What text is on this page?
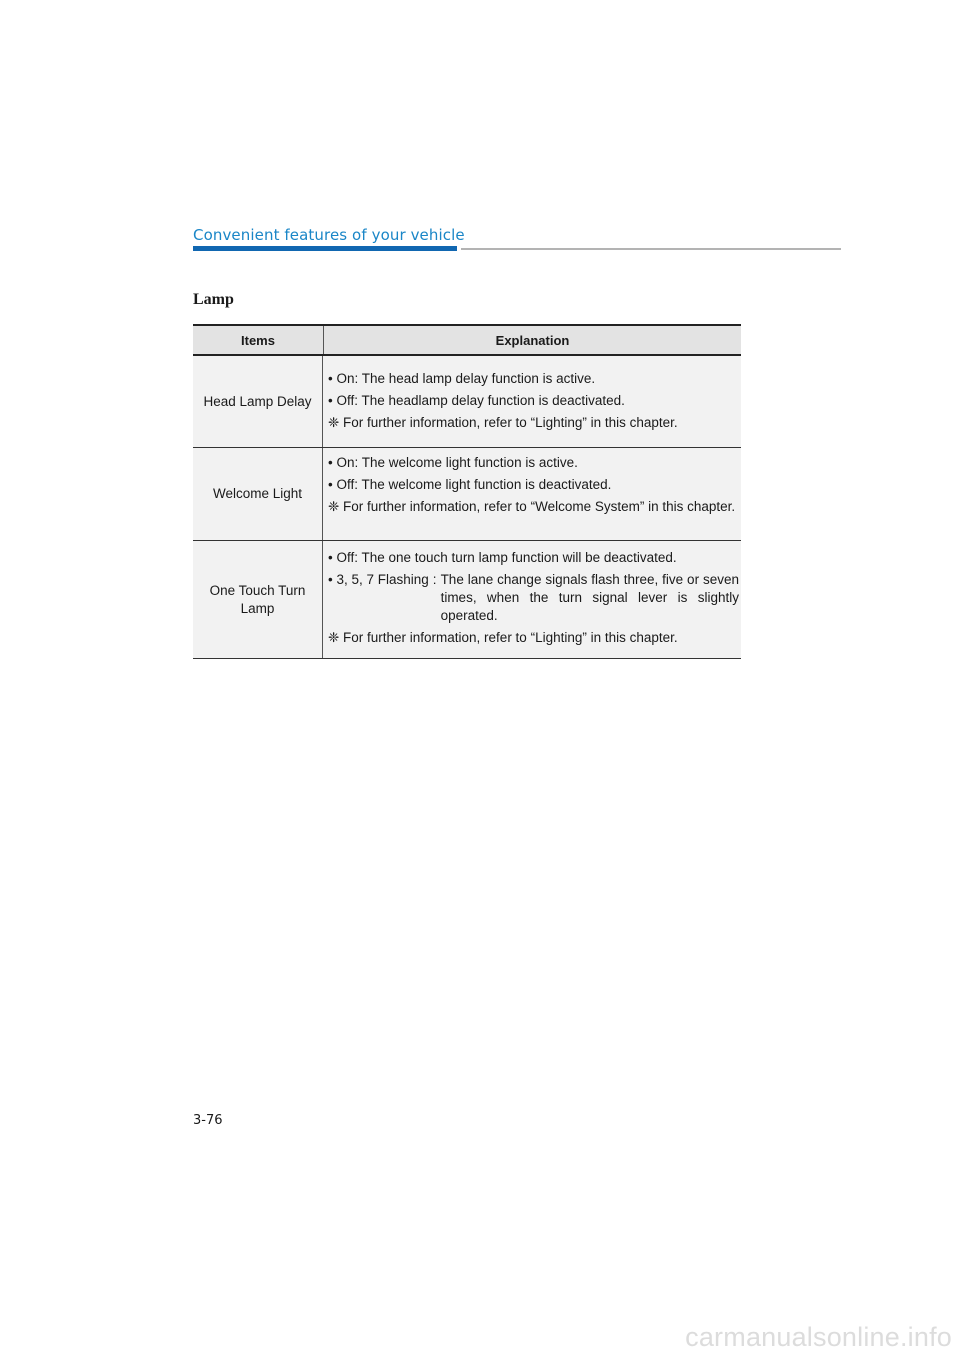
Convenient features of your vehicle
Lamp
Items	Explanation
Head Lamp Delay
• On: The head lamp delay function is active.
• Off: The headlamp delay function is deactivated.
❈ For further information, refer to “Lighting” in this chapter.
Welcome Light
• On: The welcome light function is active.
• Off: The welcome light function is deactivated.
❈ For further information, refer to “Welcome System” in this chapter.
One Touch Turn Lamp
• Off: The one touch turn lamp function will be deactivated.
• 3, 5, 7 Flashing : The lane change signals flash three, five or seven times, when the turn signal lever is slightly operated.
❈ For further information, refer to “Lighting” in this chapter.
3-76
carmanualsonline.info
